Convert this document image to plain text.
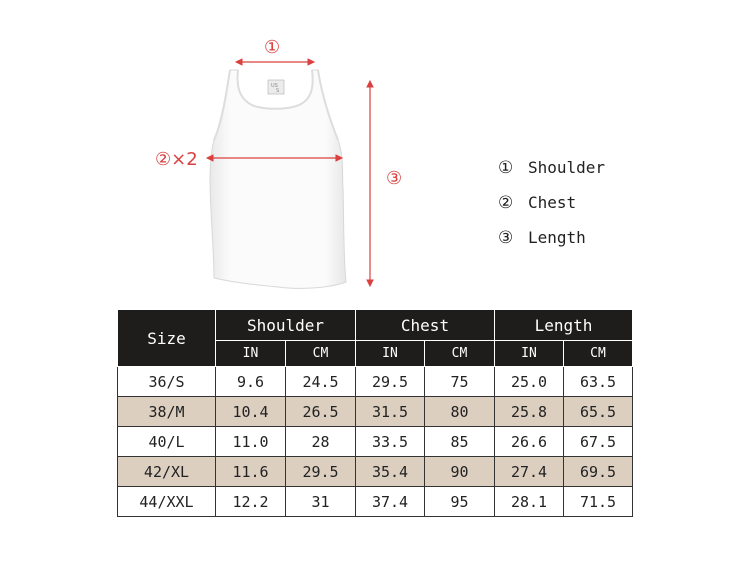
US
S
①
②×2
③	① Shoulder
② Chest
③ Length
Size	Shoulder		Chest		Length	
	IN	CM	IN	CM	IN	CM
36/S	9.6	24.5	29.5	75	25.0	63.5
38/M	10.4	26.5	31.5	80	25.8	65.5
40/L	11.0	28	33.5	85	26.6	67.5
42/XL	11.6	29.5	35.4	90	27.4	69.5
44/XXL	12.2	31	37.4	95	28.1	71.5
